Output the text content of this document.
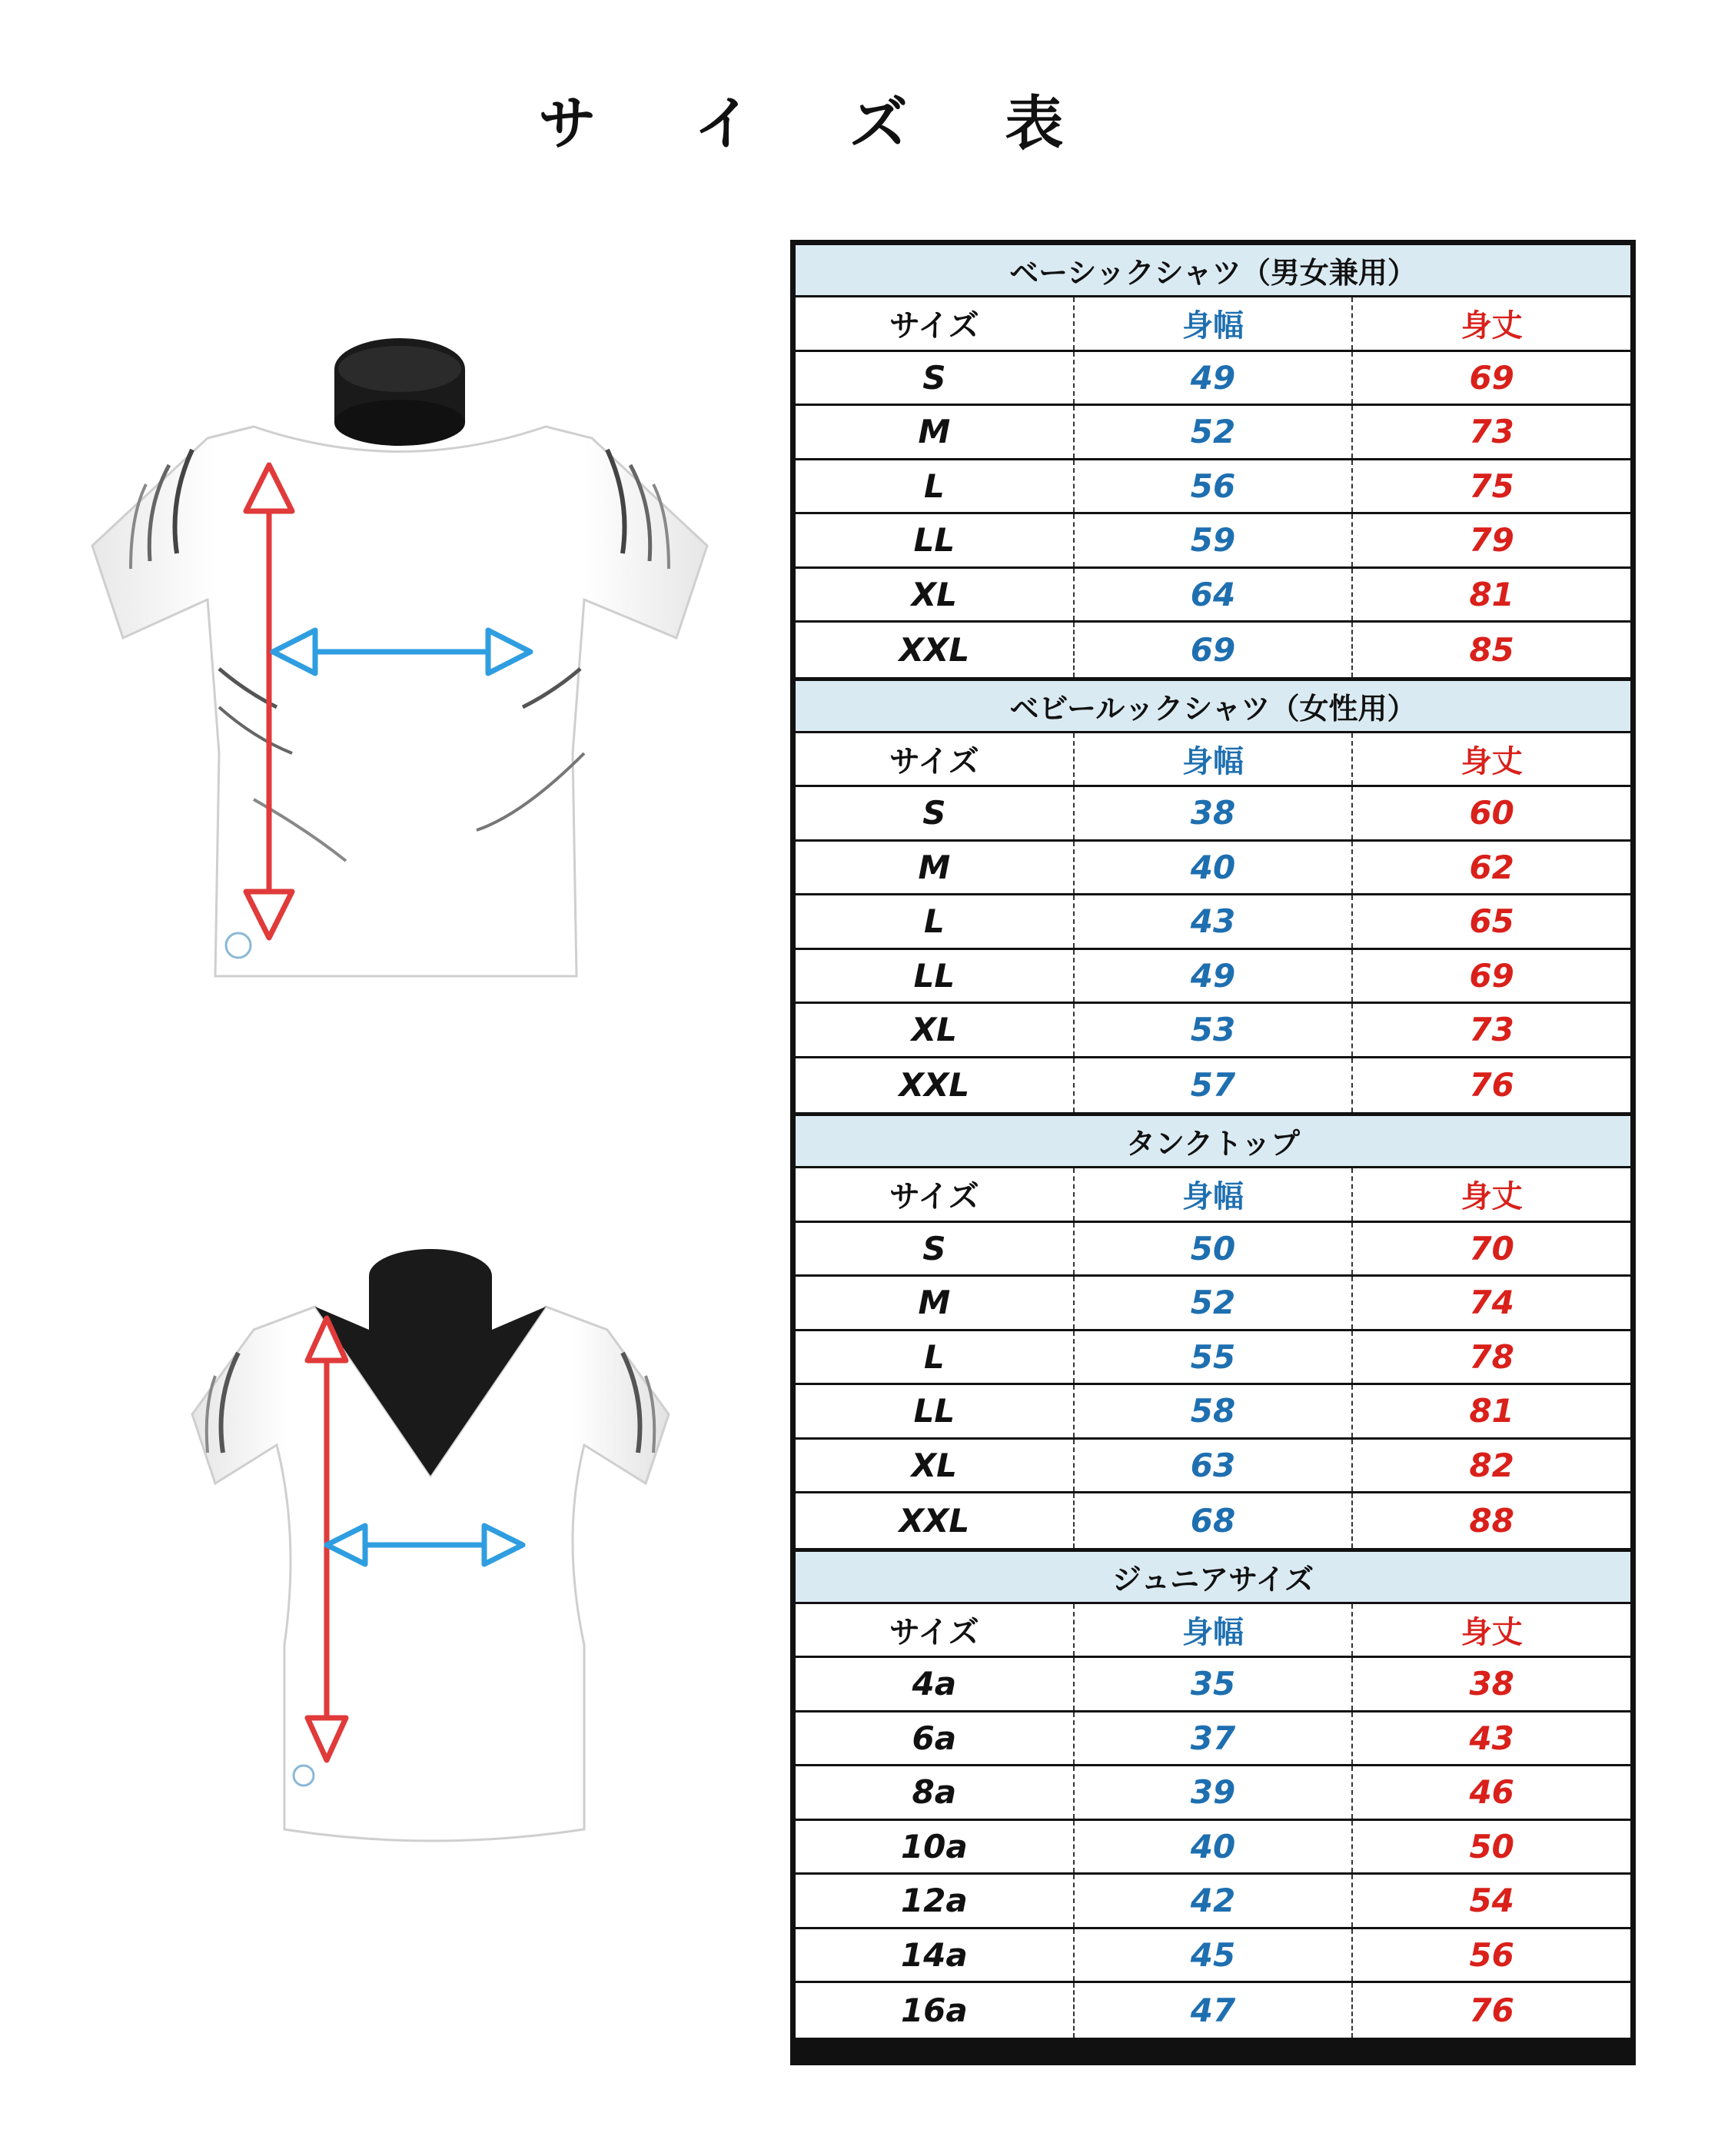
サ イ ズ 表
ベーシックシャツ（男女兼用）
サイズ	身幅	身丈
S	49	69
M	52	73
L	56	75
LL	59	79
XL	64	81
XXL	69	85
ベビールックシャツ（女性用）
サイズ	身幅	身丈
S	38	60
M	40	62
L	43	65
LL	49	69
XL	53	73
XXL	57	76
タンクトップ
サイズ	身幅	身丈
S	50	70
M	52	74
L	55	78
LL	58	81
XL	63	82
XXL	68	88
ジュニアサイズ
サイズ	身幅	身丈
4a	35	38
6a	37	43
8a	39	46
10a	40	50
12a	42	54
14a	45	56
16a	47	76
